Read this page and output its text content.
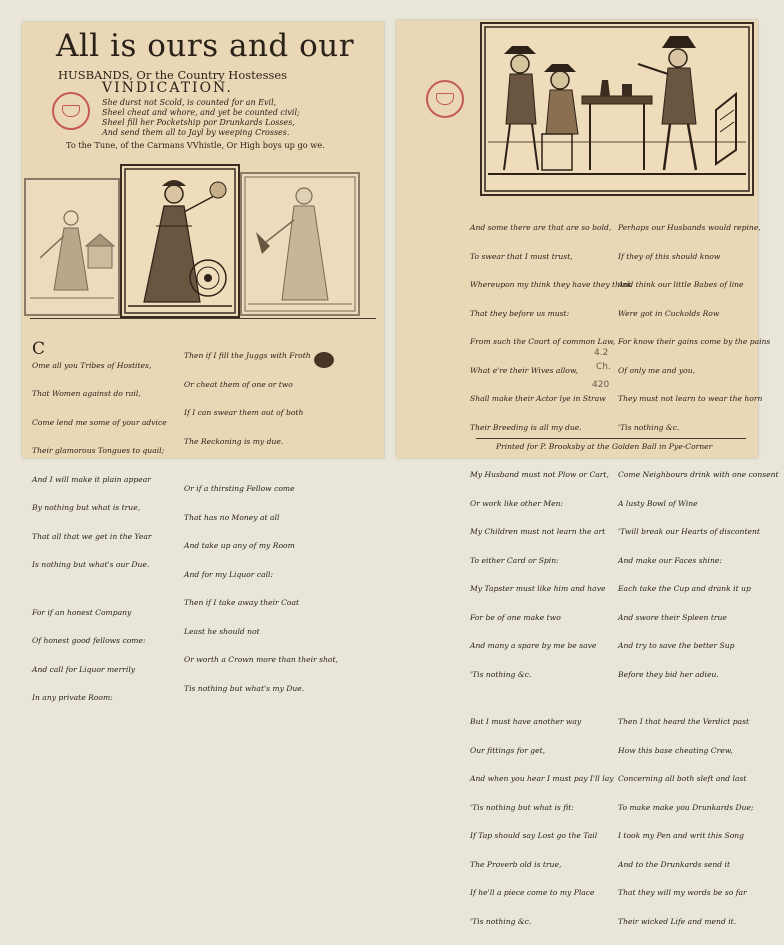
All is ours and our
HUSBANDS, Or the Country Hostesses
VINDICATION.
She durst not Scold, is counted for an Evil,
Sheel cheat and whore, and yet be counted civil;
Sheel fill her Pocketship por Drunkards Losses,
And send them all to Jayl by weeping Crosses.
To the Tune, of the Carmans VVhistle, Or High boys up go we.

C

Ome all you Tribes of Hostites,

That Women against do rail,

Come lend me some of your advice

Their glamorous Tongues to quail;

And I will make it plain appear

By nothing but what is true,

That all that we get in the Year

Is nothing but what's our Due.

For if an honest Company

Of honest good fellows come:

And call for Liquor merrily

In any private Room:

Then if I fill the Juggs with Froth

Or cheat them of one or two

If I can swear them out of both

The Reckoning is my due.

Or if a thirsting Fellow come

That has no Money at all

And take up any of my Room

And for my Liquor call:

Then if I take away their Coat

Least he should not

Or worth a Crown more than their shot,

Tis nothing but what's my Due.

And some there are that are so bold,

To swear that I must trust,

Whereupon my think they have they think

That they before us must:

From such the Court of common Law,

What e're their Wives allow,

Shall make their Actor lye in Straw

Their Breeding is all my due.

My Husband must not Plow or Cart,

Or work like other Men:

My Children must not learn the art

To either Card or Spin:

My Tapster must like him and have

For be of one make two

And many a spare by me be save

'Tis nothing &c.

But I must have another way

Our fittings for get,

And when you hear I must pay I'll lay

'Tis nothing but what is fit:

If Tap should say Lost go the Tail

The Proverb old is true,

If he'll a piece come to my Place

'Tis nothing &c.

Perhaps our Husbands would repine,

If they of this should know

And think our little Babes of line

Were got in Cuckolds Row

For know their gains come by the pains

Of only me and you,

They must not learn to wear the horn

'Tis nothing &c.

Come Neighbours drink with one consent

A lusty Bowl of Wine

'Twill break our Hearts of discontent

And make our Faces shine:

Each take the Cup and drank it up

And swore their Spleen true

And try to save the better Sup

Before they bid her adieu.

Then I that heard the Verdict past

How this base cheating Crew,

Concerning all both sleft and last

To make make you Drunkards Due;

I took my Pen and writ this Song

And to the Drunkards send it

That they will my words be so far

Their wicked Life and mend it.

4.2
Ch.
420
Printed for P. Brooksby at the Golden Ball in Pye-Corner
